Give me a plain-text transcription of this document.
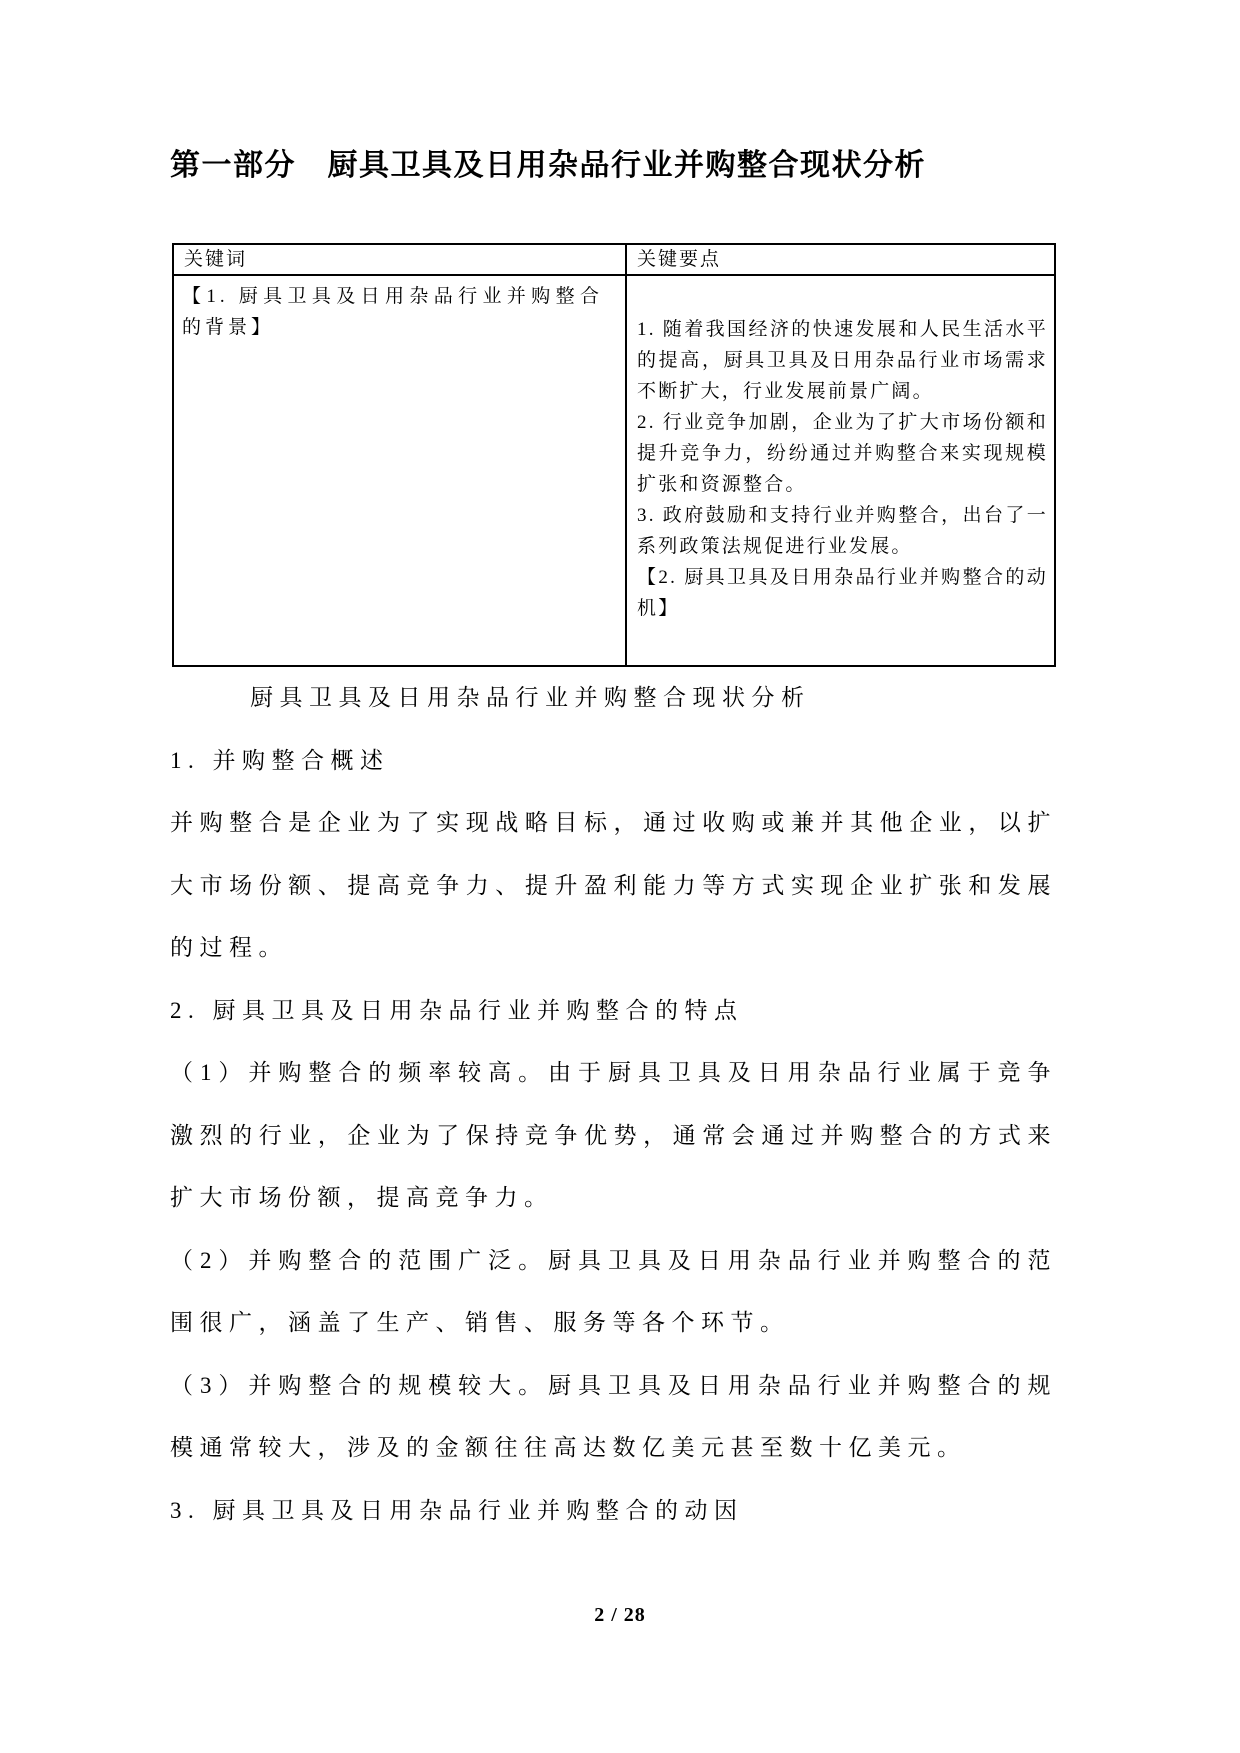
第一部分　厨具卫具及日用杂品行业并购整合现状分析
关键词	关键要点
【1. 厨具卫具及日用杂品行业并购整合的背景】	1. 随着我国经济的快速发展和人民生活水平的提高，厨具卫具及日用杂品行业市场需求不断扩大，行业发展前景广阔。

2. 行业竞争加剧，企业为了扩大市场份额和提升竞争力，纷纷通过并购整合来实现规模扩张和资源整合。

3. 政府鼓励和支持行业并购整合，出台了一系列政策法规促进行业发展。

【2. 厨具卫具及日用杂品行业并购整合的动机】

厨具卫具及日用杂品行业并购整合现状分析

1. 并购整合概述

并购整合是企业为了实现战略目标，通过收购或兼并其他企业，以扩大市场份额、提高竞争力、提升盈利能力等方式实现企业扩张和发展的过程。

2. 厨具卫具及日用杂品行业并购整合的特点

（1）并购整合的频率较高。由于厨具卫具及日用杂品行业属于竞争激烈的行业，企业为了保持竞争优势，通常会通过并购整合的方式来扩大市场份额，提高竞争力。

（2）并购整合的范围广泛。厨具卫具及日用杂品行业并购整合的范围很广，涵盖了生产、销售、服务等各个环节。

（3）并购整合的规模较大。厨具卫具及日用杂品行业并购整合的规模通常较大，涉及的金额往往高达数亿美元甚至数十亿美元。

3. 厨具卫具及日用杂品行业并购整合的动因

2 / 28
